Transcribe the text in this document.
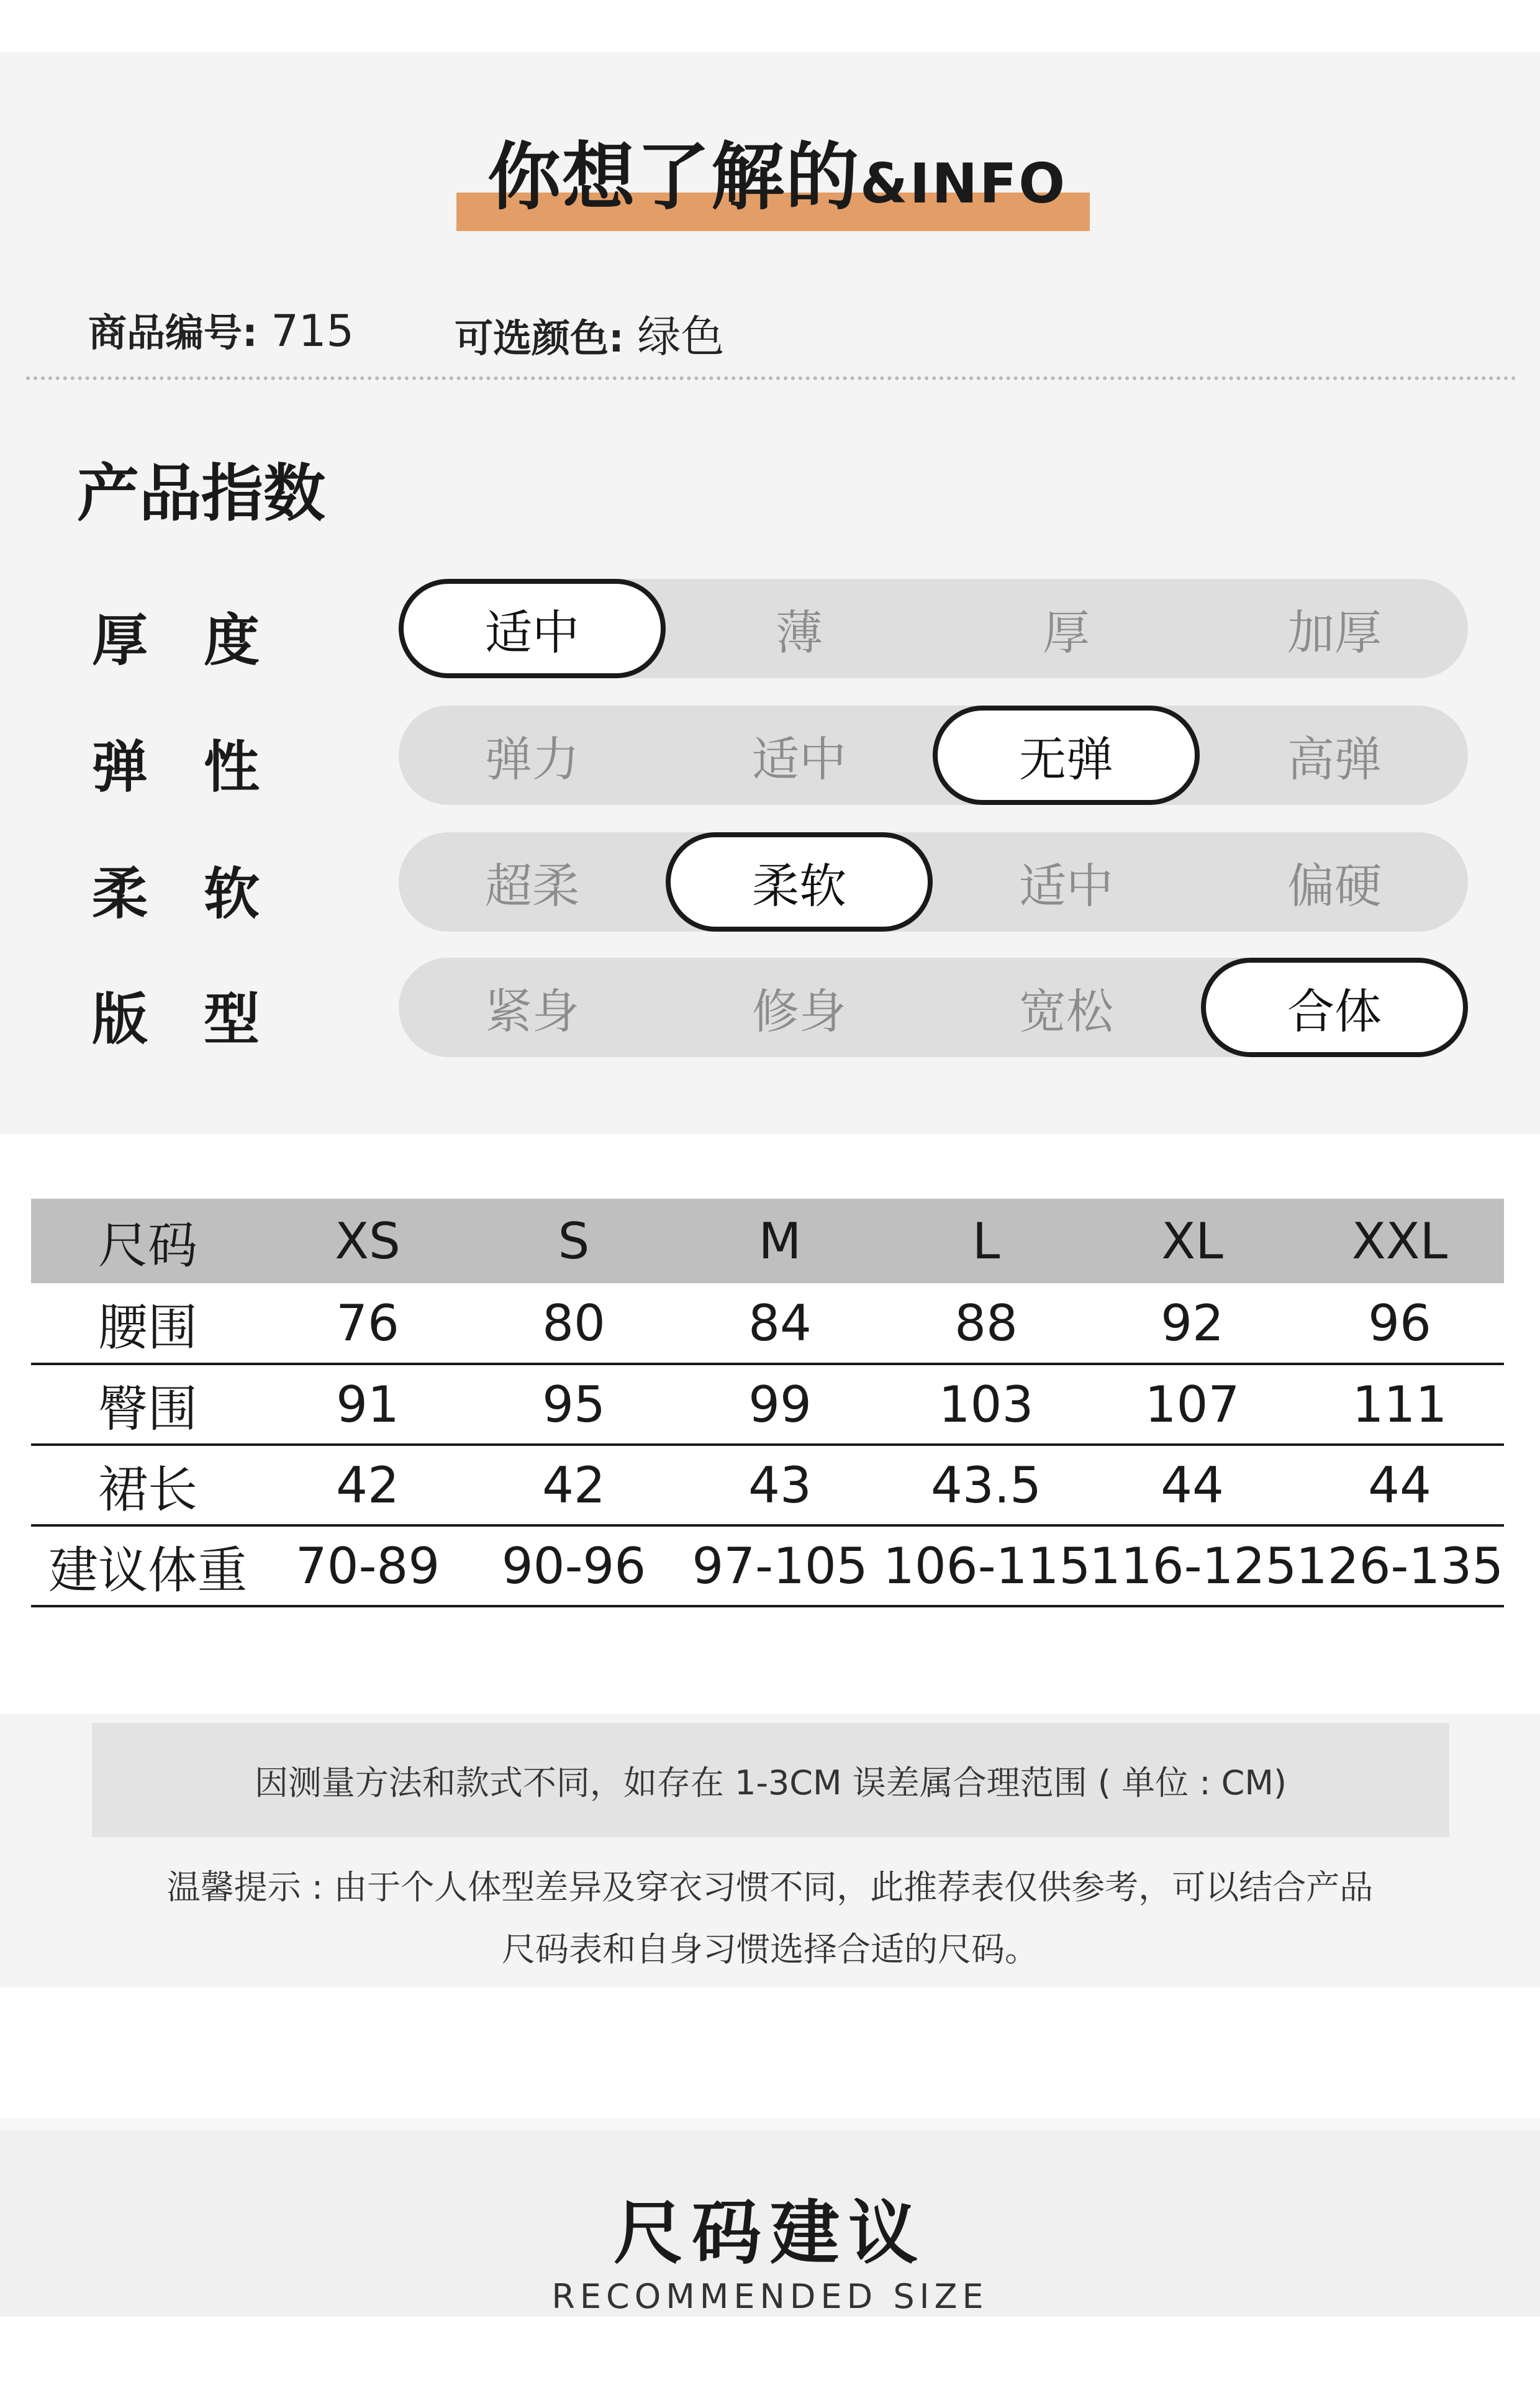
你想了解的&INFO
商品编号: 715	可选颜色: 绿色
产品指数
厚　度	适中	薄	厚	加厚
弹　性	弹力	适中	无弹	高弹
柔　软	超柔	柔软	适中	偏硬
版　型	紧身	修身	宽松	合体
尺码	XS	S	M	L	XL	XXL
腰围	76	80	84	88	92	96
臀围	91	95	99	103	107	111
裙长	42	42	43	43.5	44	44
建议体重	70-89	90-96	97-105	106-115	116-125	126-135
因测量方法和款式不同，如存在 1-3CM 误差属合理范围 ( 单位 : CM)
温馨提示 : 由于个人体型差异及穿衣习惯不同，此推荐表仅供参考，可以结合产品
尺码表和自身习惯选择合适的尺码。
尺码建议
RECOMMENDED SIZE
